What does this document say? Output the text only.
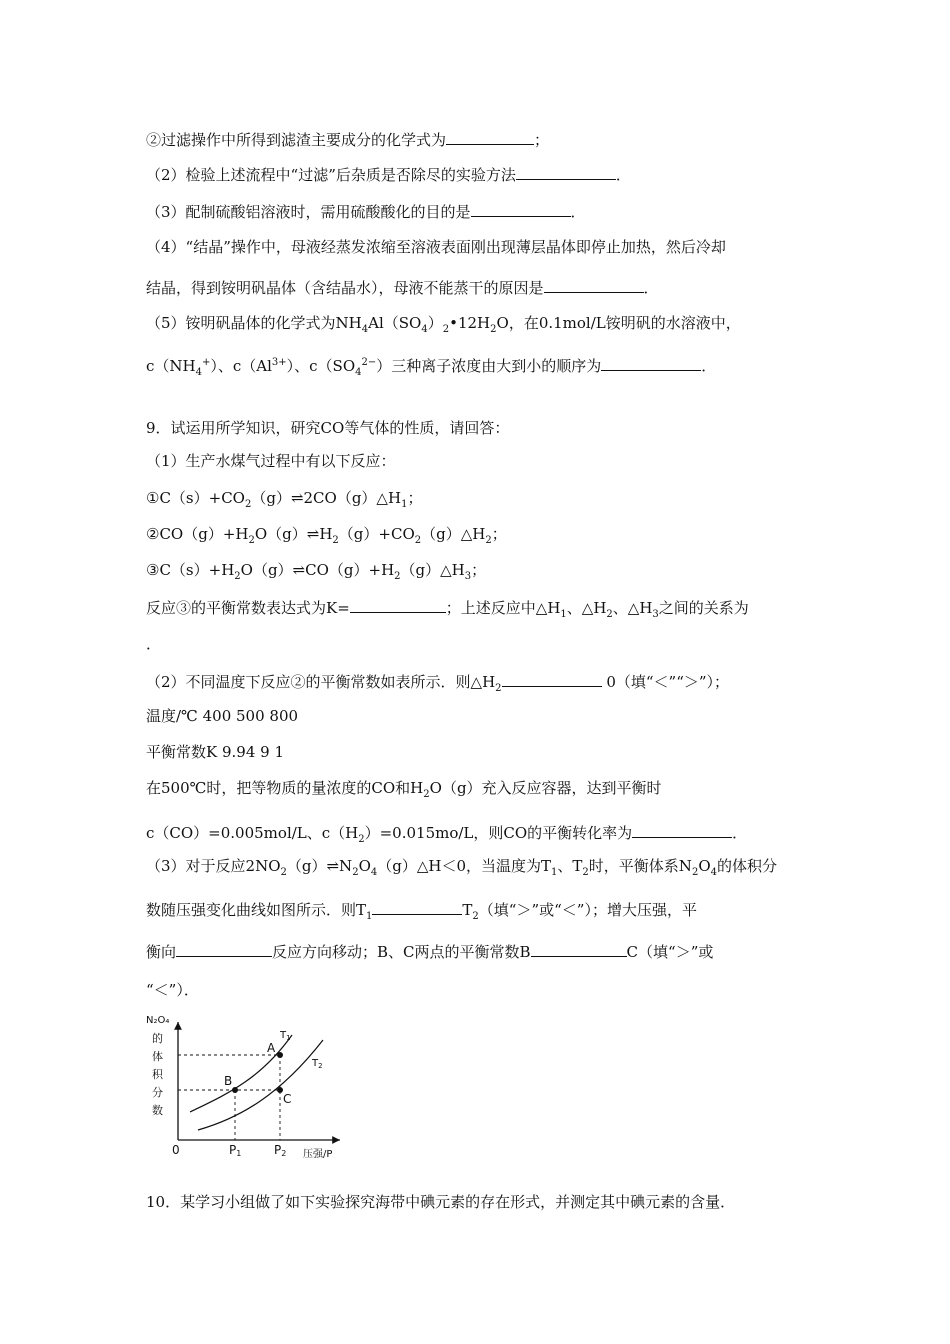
②过滤操作中所得到滤渣主要成分的化学式为	；
（2）检验上述流程中“过滤”后杂质是否除尽的实验方法	．
（3）配制硫酸铝溶液时，需用硫酸酸化的目的是	．
（4）“结晶”操作中，母液经蒸发浓缩至溶液表面刚出现薄层晶体即停止加热，然后冷却
结晶，得到铵明矾晶体（含结晶水），母液不能蒸干的原因是	．
（5）铵明矾晶体的化学式为$NH_4Al(SO_4)_2•12H_2O$，在0.1mol/L铵明矾的水溶液中，
$c(NH_4^+)$、$c(Al^{3+})$、$c(SO_4^{2-})$三种离子浓度由大到小的顺序为	．
9．试运用所学知识，研究CO等气体的性质，请回答：
（1）生产水煤气过程中有以下反应：
$①C(s)+CO_2(g)\rightleftharpoons 2CO(g)\triangle H_1$；
$②CO(g)+H_2O(g)\rightleftharpoons H_2(g)+CO_2(g)\triangle H_2$；
$③C(s)+H_2O(g)\rightleftharpoons CO(g)+H_2(g)\triangle H_3$；
反应③的平衡常数表达式为K=	；上述反应中$\triangle H_1$、$\triangle H_2$、$\triangle H_3$之间的关系为
．
（2）不同温度下反应②的平衡常数如表所示．则$\triangle H_2$	0（填“＜”“＞”）；
温度/℃ 400 500 800
平衡常数K 9.94 9 1
在500℃时，把等物质的量浓度的CO和$H_2O(g)$充入反应容器，达到平衡时
c（CO）=0.005mol/L、$c(H_2)=0.015mo/L$，则CO的平衡转化率为	．
（3）对于反应$2NO_2(g)\rightleftharpoons N_2O_4(g)\triangle H<0$，当温度为$T_1$、$T_2$时，平衡体系$N_2O_4$的体积分
数随压强变化曲线如图所示．则$T_1$	$T_2$（填“＞”或“＜”）；增大压强，平
衡向	反应方向移动；B、C两点的平衡常数B	C（填“＞”或
“＜”）．
A
B
C
$T_1$
$T_2$
N₂O₄
的
体
积
分
数
0	P1	P2 压强/P
10．某学习小组做了如下实验探究海带中碘元素的存在形式，并测定其中碘元素的含量．
